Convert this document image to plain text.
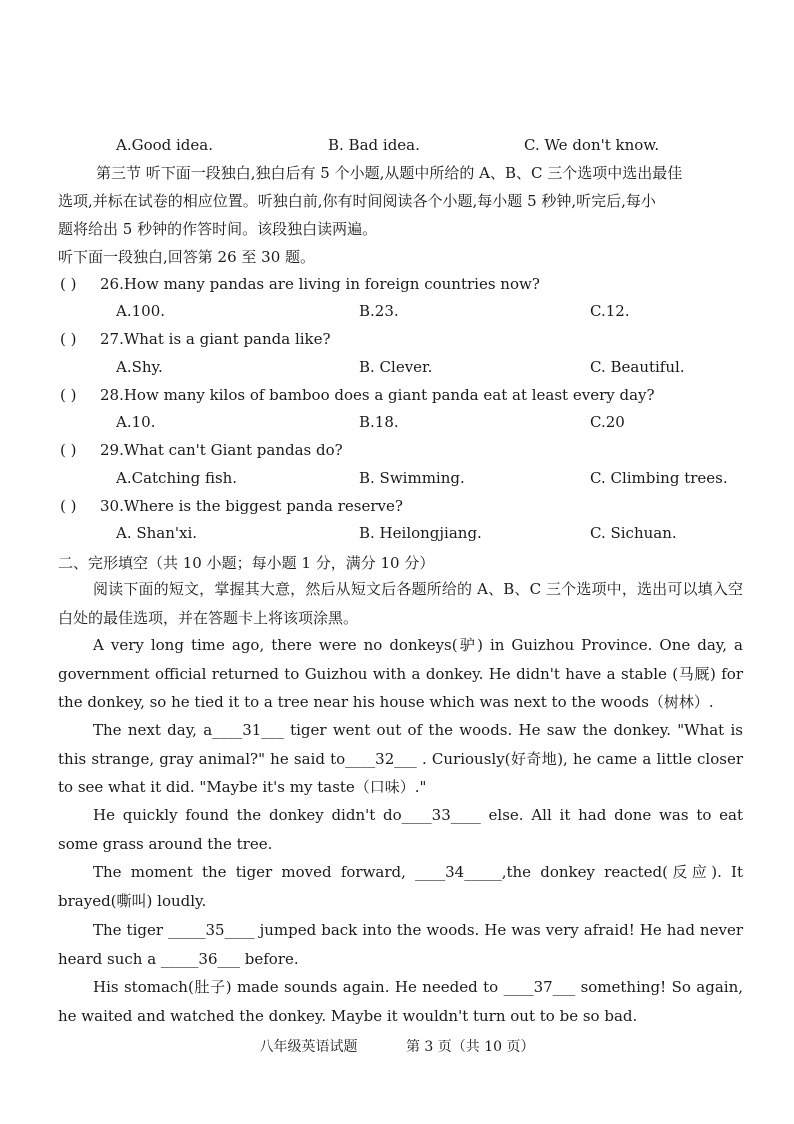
A.Good idea.	B. Bad idea.	C. We don't know.
第三节 听下面一段独白,独白后有 5 个小题,从题中所给的 A、B、C 三个选项中选出最佳
选项,并标在试卷的相应位置。听独白前,你有时间阅读各个小题,每小题 5 秒钟,听完后,每小
题将给出 5 秒钟的作答时间。该段独白读两遍。
听下面一段独白,回答第 26 至 30 题。
( ) 26.How many pandas are living in foreign countries now?
A.100.	B.23.	C.12.
( ) 27.What is a giant panda like?
A.Shy.	B. Clever.	C. Beautiful.
( ) 28.How many kilos of bamboo does a giant panda eat at least every day?
A.10.	B.18.	C.20
( ) 29.What can't Giant pandas do?
A.Catching fish.	B. Swimming.	C. Climbing trees.
( ) 30.Where is the biggest panda reserve?
A. Shan'xi.	B. Heilongjiang.	C. Sichuan.
二、完形填空（共 10 小题；每小题 1 分，满分 10 分）
阅读下面的短文，掌握其大意，然后从短文后各题所给的 A、B、C 三个选项中，选出可以填入空白处的最佳选项，并在答题卡上将该项涂黑。
A very long time ago, there were no donkeys(驴) in Guizhou Province. One day, a government official returned to Guizhou with a donkey. He didn't have a stable (马厩) for the donkey, so he tied it to a tree near his house which was next to the woods（树林）.
The next day, a____31___ tiger went out of the woods. He saw the donkey. "What is this strange, gray animal?" he said to____32___ . Curiously(好奇地), he came a little closer to see what it did. "Maybe it's my taste（口味）."
He quickly found the donkey didn't do____33____ else. All it had done was to eat some grass around the tree.
The moment the tiger moved forward, ____34_____,the donkey reacted(反应). It brayed(嘶叫) loudly.
The tiger _____35____ jumped back into the woods. He was very afraid! He had never heard such a _____36___ before.
His stomach(肚子) made sounds again. He needed to ____37___ something! So again, he waited and watched the donkey. Maybe it wouldn't turn out to be so bad.
八年级英语试题	第 3 页（共 10 页）
